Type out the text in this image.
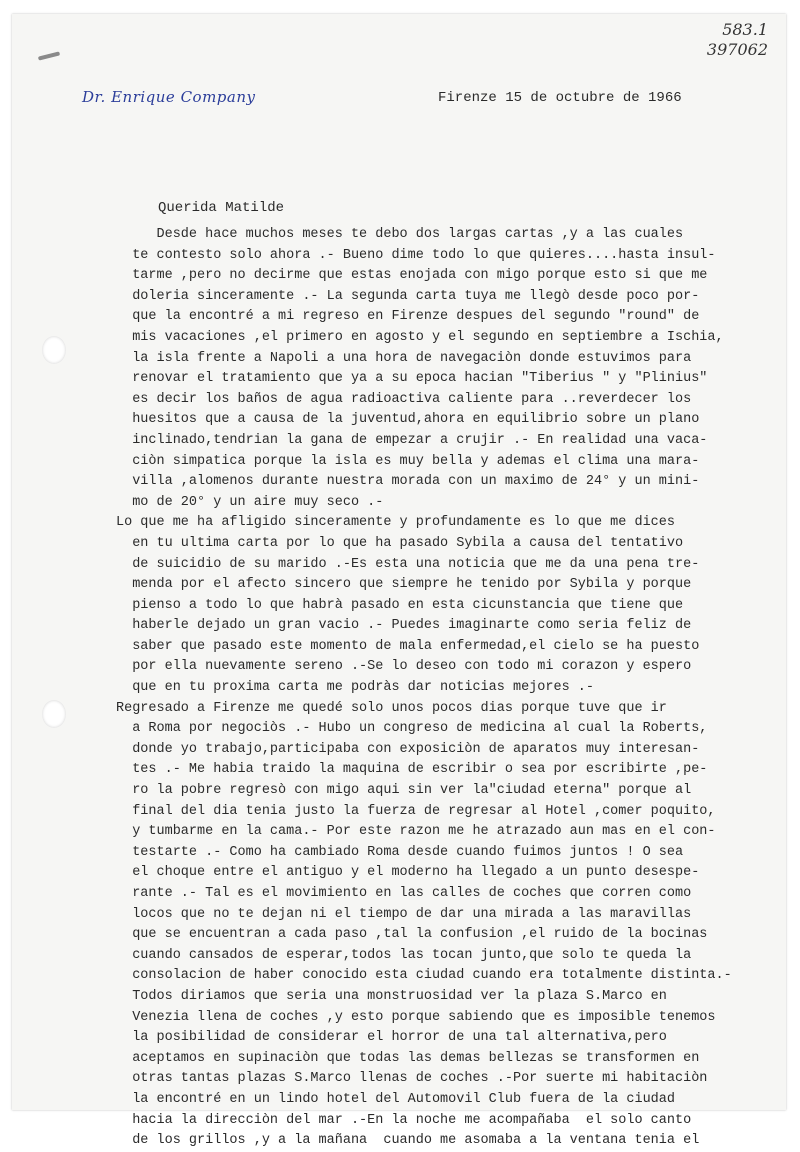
583.1
397062
Dr. Enrique Company	Firenze 15 de octubre de 1966
Querida Matilde
Desde hace muchos meses te debo dos largas cartas ,y a las cuales
te contesto solo ahora .- Bueno dime todo lo que quieres....hasta insul-
tarme ,pero no decirme que estas enojada con migo porque esto si que me
doleria sinceramente .- La segunda carta tuya me llegò desde poco por-
que la encontré a mi regreso en Firenze despues del segundo "round" de
mis vacaciones ,el primero en agosto y el segundo en septiembre a Ischia,
la isla frente a Napoli a una hora de navegaciòn donde estuvimos para
renovar el tratamiento que ya a su epoca hacian "Tiberius " y "Plinius"
es decir los baños de agua radioactiva caliente para ..reverdecer los
huesitos que a causa de la juventud,ahora en equilibrio sobre un plano
inclinado,tendrian la gana de empezar a crujir .- En realidad una vaca-
ciòn simpatica porque la isla es muy bella y ademas el clima una mara-
villa ,alomenos durante nuestra morada con un maximo de 24° y un mini-
mo de 20° y un aire muy seco .-
Lo que me ha afligido sinceramente y profundamente es lo que me dices
en tu ultima carta por lo que ha pasado Sybila a causa del tentativo
de suicidio de su marido .-Es esta una noticia que me da una pena tre-
menda por el afecto sincero que siempre he tenido por Sybila y porque
pienso a todo lo que habrà pasado en esta cicunstancia que tiene que
haberle dejado un gran vacio .- Puedes imaginarte como seria feliz de
saber que pasado este momento de mala enfermedad,el cielo se ha puesto
por ella nuevamente sereno .-Se lo deseo con todo mi corazon y espero
que en tu proxima carta me podràs dar noticias mejores .-
Regresado a Firenze me quedé solo unos pocos dias porque tuve que ir
a Roma por negociòs .- Hubo un congreso de medicina al cual la Roberts,
donde yo trabajo,participaba con exposiciòn de aparatos muy interesan-
tes .- Me habia traido la maquina de escribir o sea por escribirte ,pe-
ro la pobre regresò con migo aqui sin ver la"ciudad eterna" porque al
final del dia tenia justo la fuerza de regresar al Hotel ,comer poquito,
y tumbarme en la cama.- Por este razon me he atrazado aun mas en el con-
testarte .- Como ha cambiado Roma desde cuando fuimos juntos ! O sea
el choque entre el antiguo y el moderno ha llegado a un punto desespe-
rante .- Tal es el movimiento en las calles de coches que corren como
locos que no te dejan ni el tiempo de dar una mirada a las maravillas
que se encuentran a cada paso ,tal la confusion ,el ruido de la bocinas
cuando cansados de esperar,todos las tocan junto,que solo te queda la
consolacion de haber conocido esta ciudad cuando era totalmente distinta.-
Todos diriamos que seria una monstruosidad ver la plaza S.Marco en
Venezia llena de coches ,y esto porque sabiendo que es imposible tenemos
la posibilidad de considerar el horror de una tal alternativa,pero
aceptamos en supinaciòn que todas las demas bellezas se transformen en
otras tantas plazas S.Marco llenas de coches .-Por suerte mi habitaciòn
la encontré en un lindo hotel del Automovil Club fuera de la ciudad
hacia la direcciòn del mar .-En la noche me acompañaba  el solo canto
de los grillos ,y a la mañana  cuando me asomaba a la ventana tenia el
